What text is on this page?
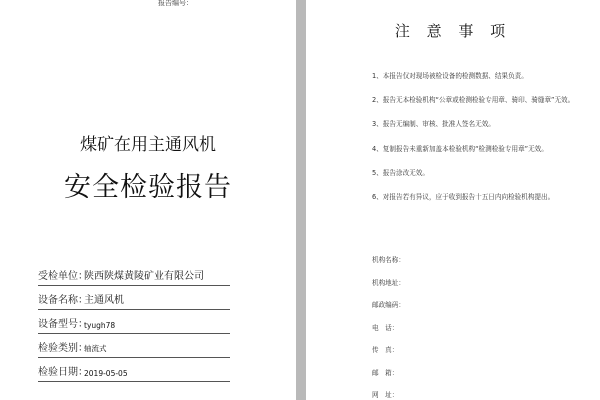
报告编号：
煤矿在用主通风机
安全检验报告
受检单位：
陕西陕煤黄陵矿业有限公司
设备名称：
主通风机
设备型号：
tyugh78
检验类别：
轴流式
检验日期：
2019-05-05
注 意 事 项
1、本报告仅对现场被检设备的检测数据、结果负责。
2、报告无本检验机构“公章或检测检验专用章、骑印、骑缝章”无效。
3、报告无编制、审核、批准人签名无效。
4、复制报告未重新加盖本检验机构“检测检验专用章”无效。
5、报告涂改无效。
6、对报告若有异议，应于收到报告十五日内向检验机构提出。
机构名称：
机构地址：
邮政编码：
电　话：
传　真：
邮　箱：
网　址：
